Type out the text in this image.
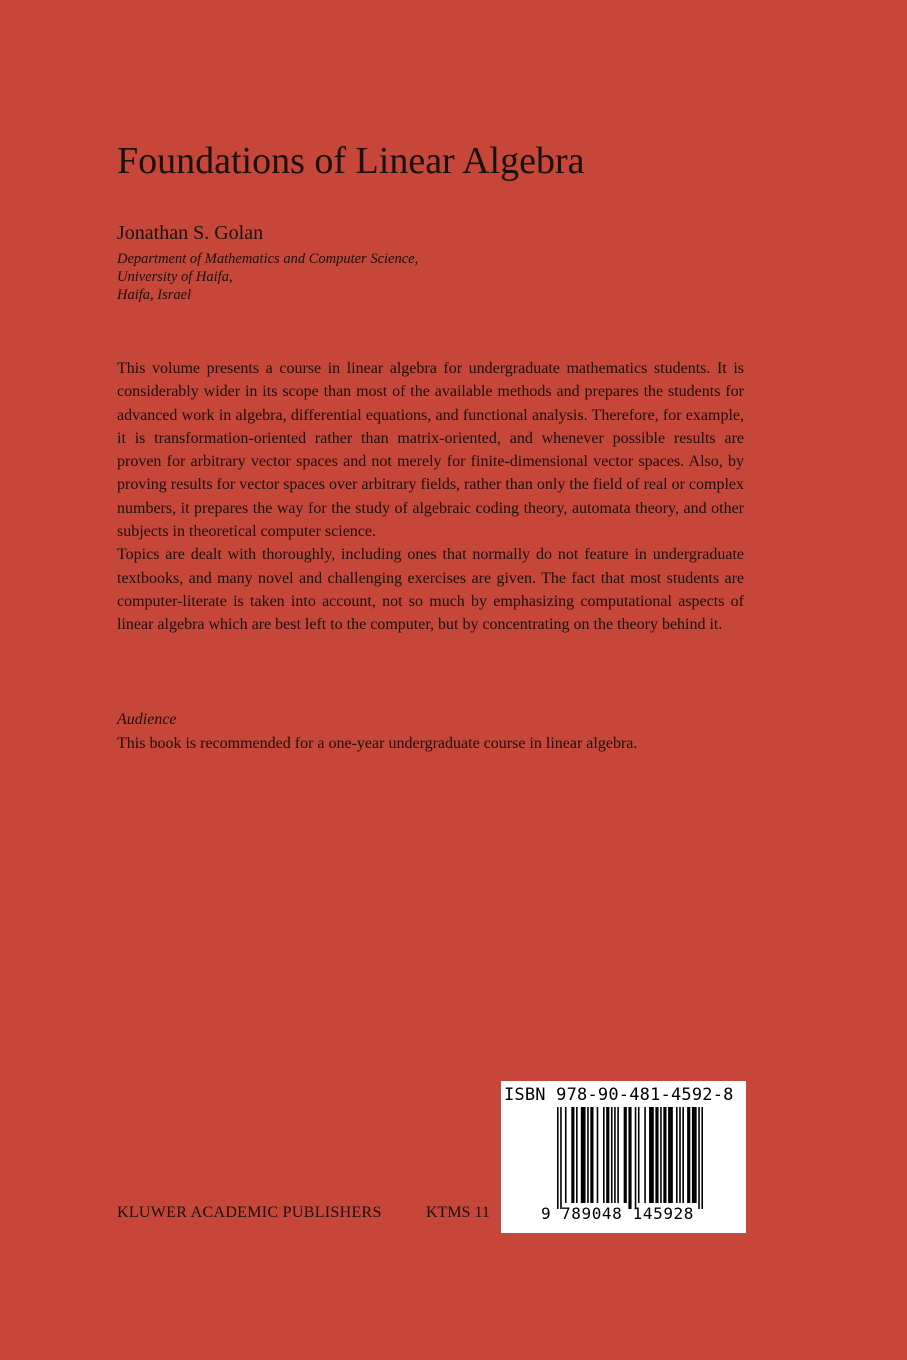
Foundations of Linear Algebra
Jonathan S. Golan
Department of Mathematics and Computer Science,
University of Haifa,
Haifa, Israel

This volume presents a course in linear algebra for undergraduate mathematics students. It is considerably wider in its scope than most of the available methods and prepares the students for advanced work in algebra, differential equations, and functional analysis. Therefore, for example, it is transformation-oriented rather than matrix-oriented, and whenever possible results are proven for arbitrary vector spaces and not merely for finite-dimensional vector spaces. Also, by proving results for vector spaces over arbitrary fields, rather than only the field of real or complex numbers, it prepares the way for the study of algebraic coding theory, automata theory, and other subjects in theoretical computer science.

Topics are dealt with thoroughly, including ones that normally do not feature in undergraduate textbooks, and many novel and challenging exercises are given. The fact that most students are computer-literate is taken into account, not so much by emphasizing computational aspects of linear algebra which are best left to the computer, but by concentrating on the theory behind it.

Audience
This book is recommended for a one-year undergraduate course in linear algebra.
KLUWER ACADEMIC PUBLISHERS	KTMS 11
ISBN 978-90-481-4592-8
9 789048 145928
